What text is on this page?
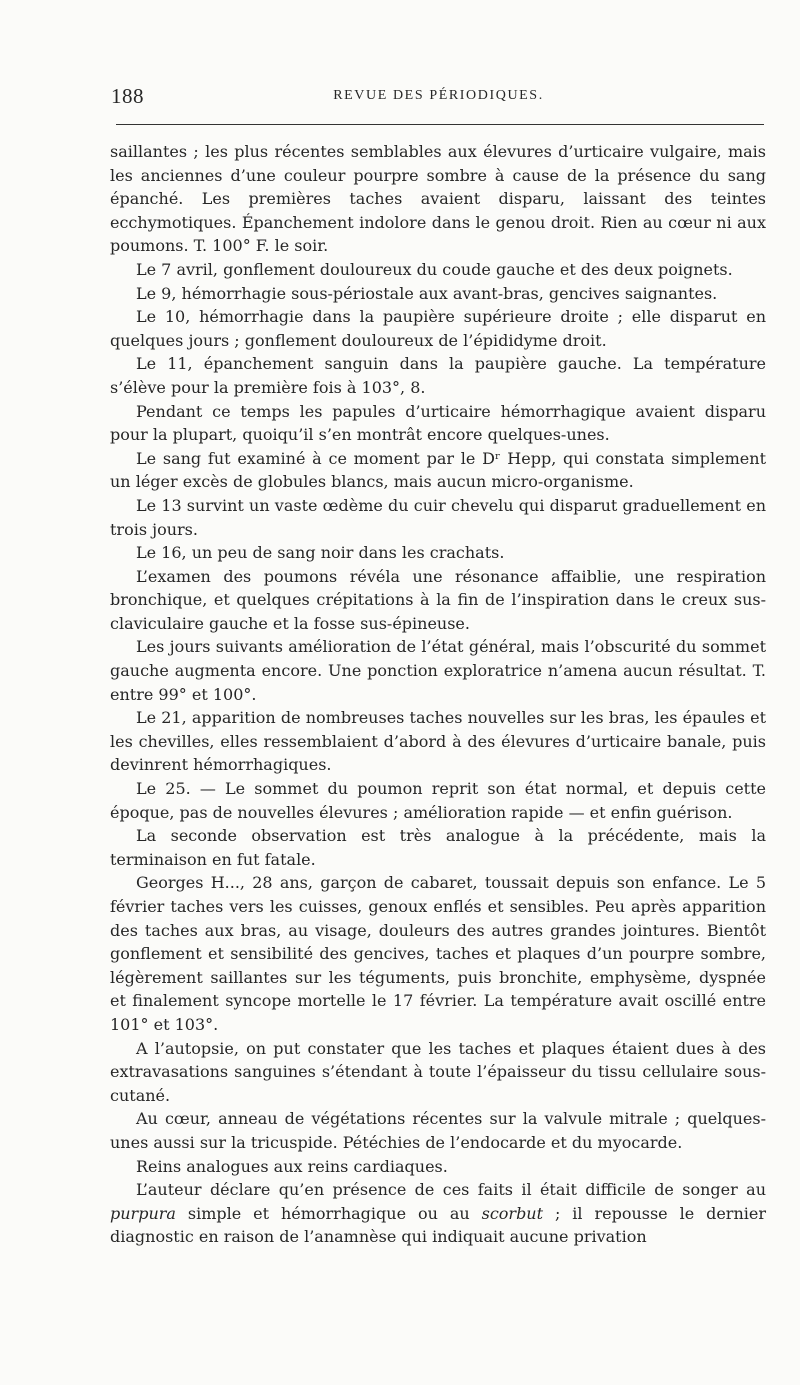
188	REVUE DES PÉRIODIQUES.

saillantes ; les plus récentes semblables aux élevures d’urticaire vulgaire, mais les anciennes d’une couleur pourpre sombre à cause de la présence du sang épanché. Les premières taches avaient disparu, laissant des teintes ecchymotiques. Épanchement indolore dans le genou droit. Rien au cœur ni aux poumons. T. 100° F. le soir.

Le 7 avril, gonflement douloureux du coude gauche et des deux poignets.

Le 9, hémorrhagie sous-périostale aux avant-bras, gencives saignantes.

Le 10, hémorrhagie dans la paupière supérieure droite ; elle disparut en quelques jours ; gonflement douloureux de l’épididyme droit.

Le 11, épanchement sanguin dans la paupière gauche. La température s’élève pour la première fois à 103°, 8.

Pendant ce temps les papules d’urticaire hémorrhagique avaient disparu pour la plupart, quoiqu’il s’en montrât encore quelques-unes.

Le sang fut examiné à ce moment par le Dʳ Hepp, qui constata simplement un léger excès de globules blancs, mais aucun micro-organisme.

Le 13 survint un vaste œdème du cuir chevelu qui disparut graduellement en trois jours.

Le 16, un peu de sang noir dans les crachats.

L’examen des poumons révéla une résonance affaiblie, une respiration bronchique, et quelques crépitations à la fin de l’inspiration dans le creux sus-claviculaire gauche et la fosse sus-épineuse.

Les jours suivants amélioration de l’état général, mais l’obscurité du sommet gauche augmenta encore. Une ponction exploratrice n’amena aucun résultat. T. entre 99° et 100°.

Le 21, apparition de nombreuses taches nouvelles sur les bras, les épaules et les chevilles, elles ressemblaient d’abord à des élevures d’urticaire banale, puis devinrent hémorrhagiques.

Le 25. — Le sommet du poumon reprit son état normal, et depuis cette époque, pas de nouvelles élevures ; amélioration rapide — et enfin guérison.

La seconde observation est très analogue à la précédente, mais la terminaison en fut fatale.

Georges H..., 28 ans, garçon de cabaret, toussait depuis son enfance. Le 5 février taches vers les cuisses, genoux enflés et sensibles. Peu après apparition des taches aux bras, au visage, douleurs des autres grandes jointures. Bientôt gonflement et sensibilité des gencives, taches et plaques d’un pourpre sombre, légèrement saillantes sur les téguments, puis bronchite, emphysème, dyspnée et finalement syncope mortelle le 17 février. La température avait oscillé entre 101° et 103°.

A l’autopsie, on put constater que les taches et plaques étaient dues à des extravasations sanguines s’étendant à toute l’épaisseur du tissu cellulaire sous-cutané.

Au cœur, anneau de végétations récentes sur la valvule mitrale ; quelques-unes aussi sur la tricuspide. Pétéchies de l’endocarde et du myocarde.

Reins analogues aux reins cardiaques.

L’auteur déclare qu’en présence de ces faits il était difficile de songer au purpura simple et hémorrhagique ou au scorbut ; il repousse le dernier diagnostic en raison de l’anamnèse qui indiquait aucune privation
